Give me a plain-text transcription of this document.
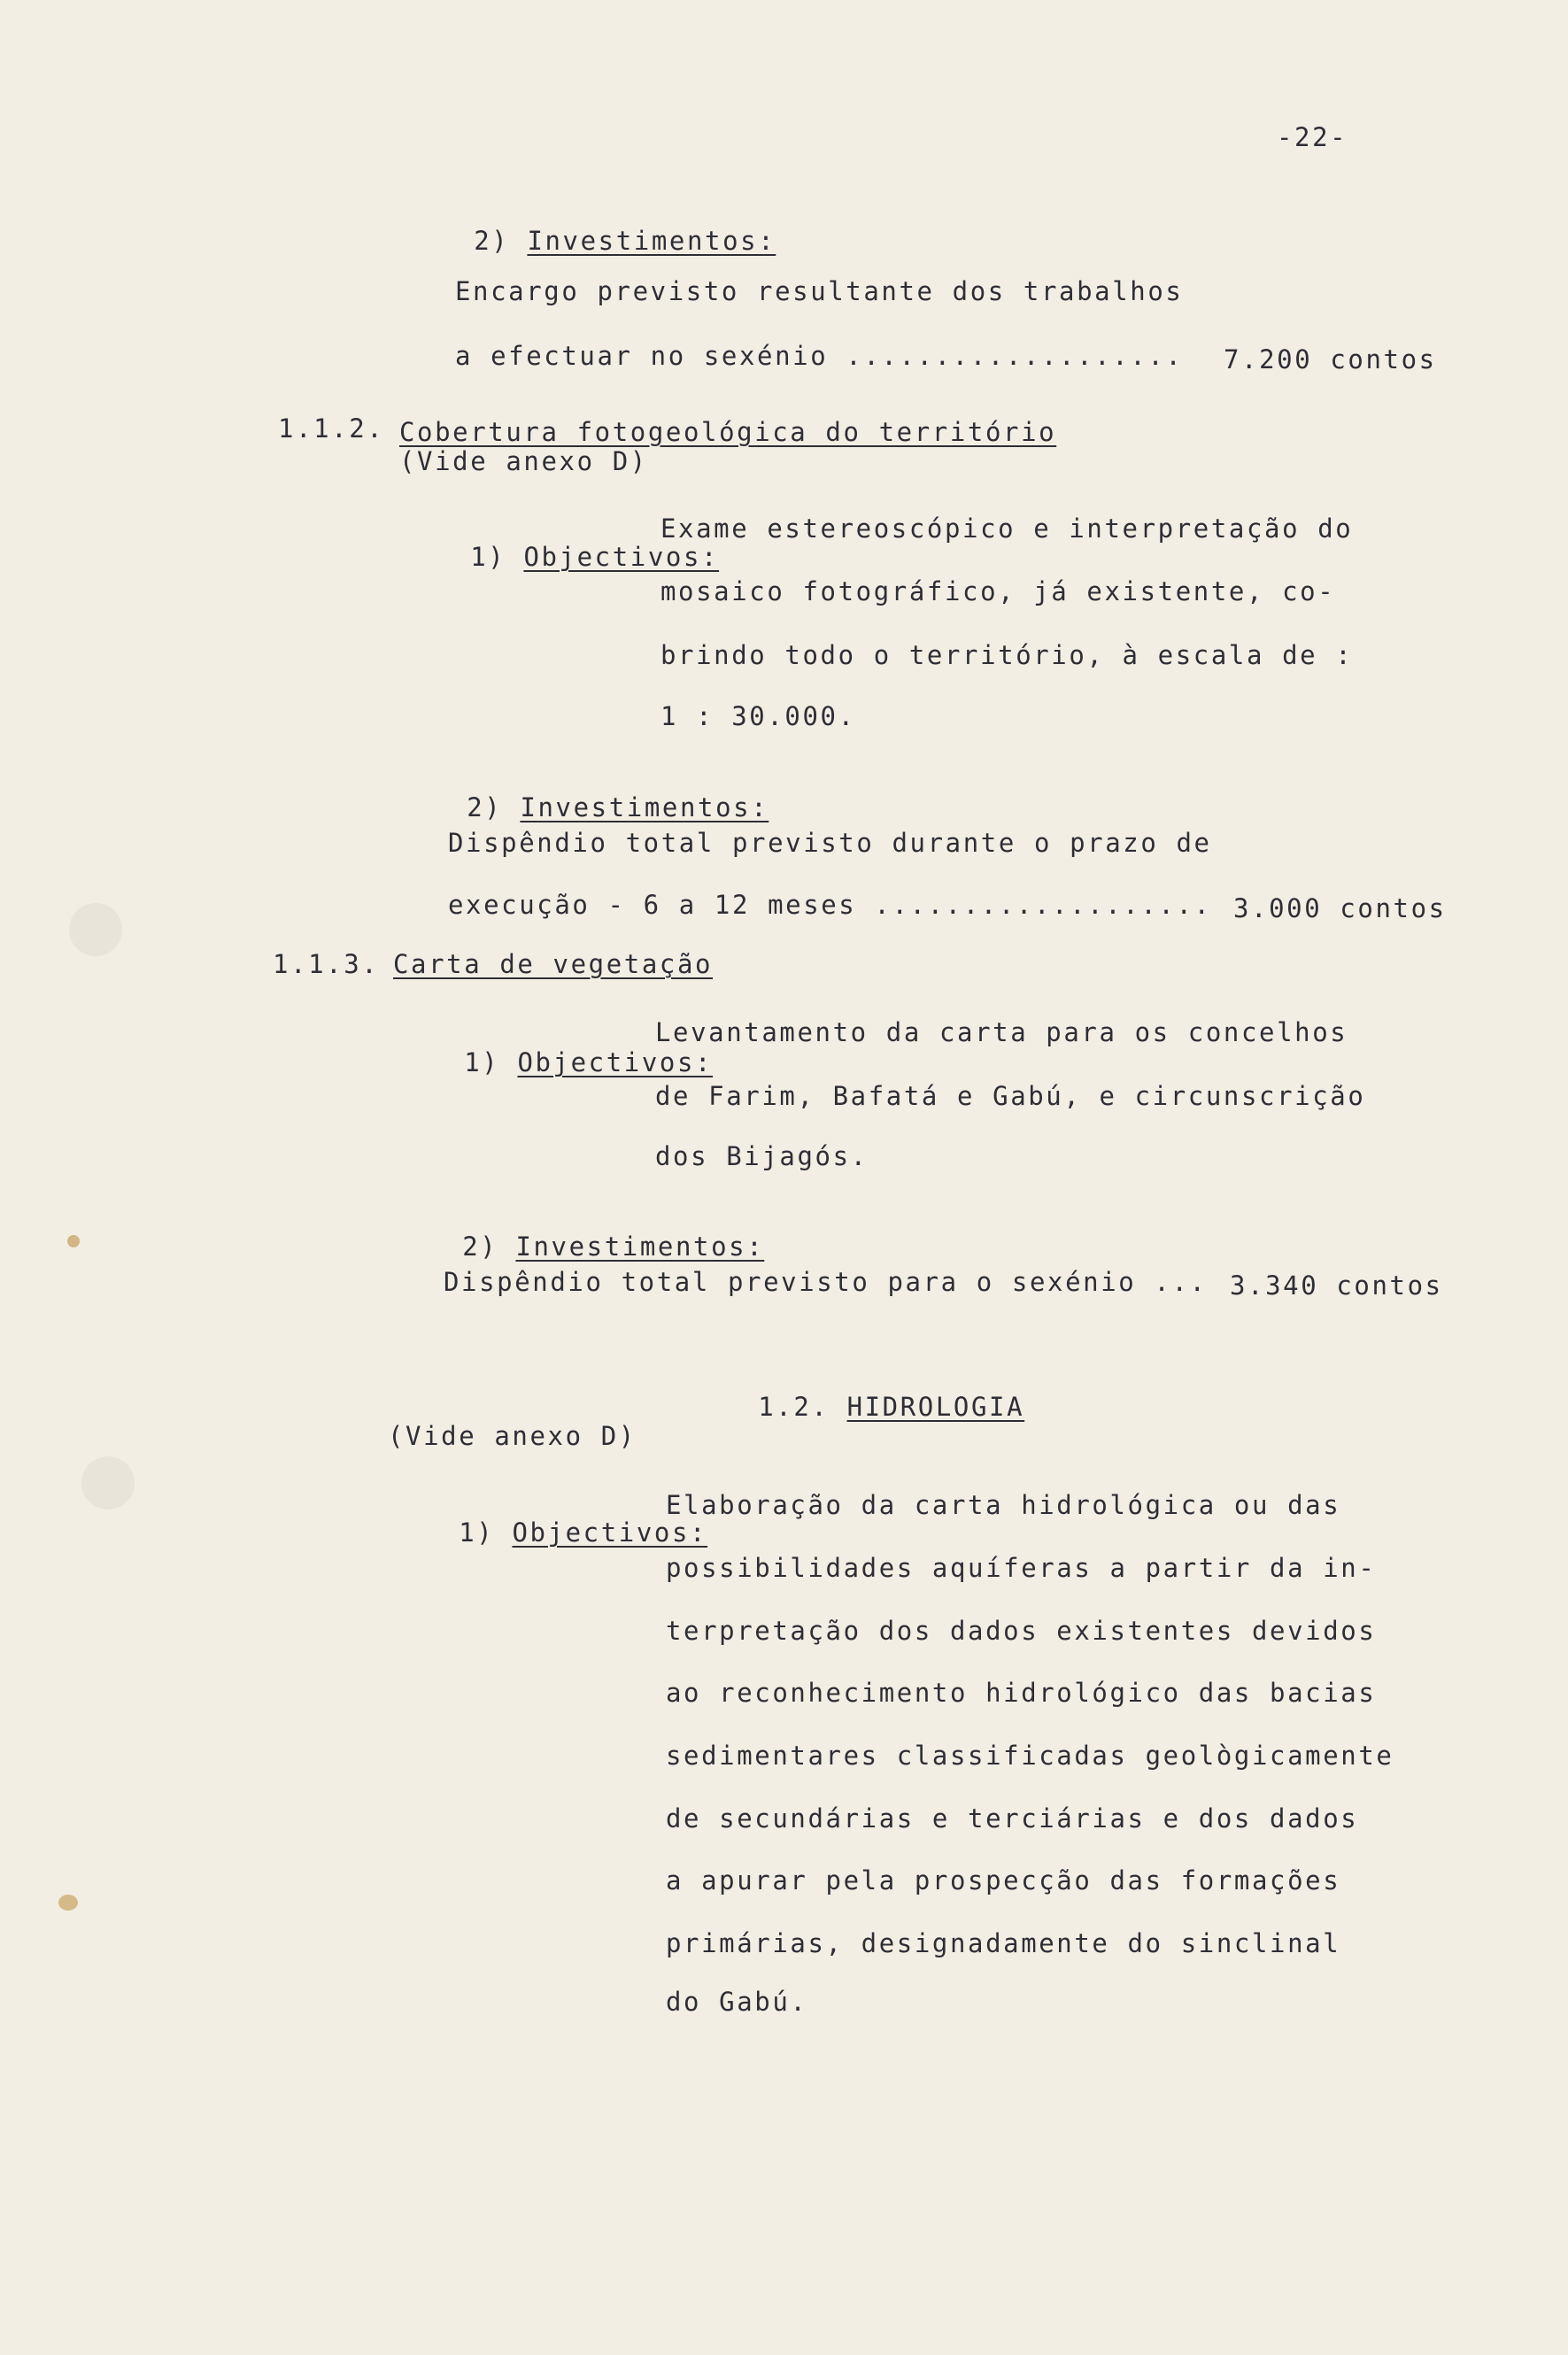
-22-

2) Investimentos:

Encargo previsto resultante dos trabalhos
a efectuar no sexénio ................... 7.200 contos
1.1.2. Cobertura fotogeológica do território
(Vide anexo D)

1) Objectivos:

Exame estereoscópico e interpretação do
mosaico fotográfico, já existente, co-
brindo todo o território, à escala de :
1 : 30.000.

2) Investimentos:

Dispêndio total previsto durante o prazo de
execução - 6 a 12 meses ................... 3.000 contos
1.1.3. Carta de vegetação

1) Objectivos:

Levantamento da carta para os concelhos
de Farim, Bafatá e Gabú, e circunscrição
dos Bijagós.

2) Investimentos:

Dispêndio total previsto para o sexénio ... 3.340 contos

1.2. HIDROLOGIA

(Vide anexo D)

1) Objectivos:

Elaboração da carta hidrológica ou das
possibilidades aquíferas a partir da in-
terpretação dos dados existentes devidos
ao reconhecimento hidrológico das bacias
sedimentares classificadas geològicamente
de secundárias e terciárias e dos dados
a apurar pela prospecção das formações
primárias, designadamente do sinclinal
do Gabú.
